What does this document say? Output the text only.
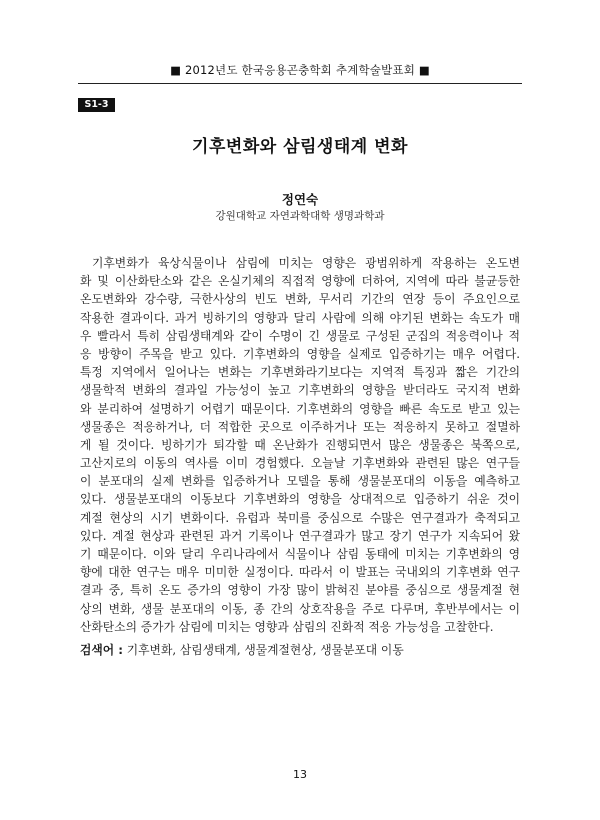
■ 2012년도 한국응용곤충학회 추계학술발표회 ■
S1-3
기후변화와 삼림생태계 변화
정연숙
강원대학교 자연과학대학 생명과학과
기후변화가 육상식물이나 삼림에 미치는 영향은 광범위하게 작용하는 온도변
화 및 이산화탄소와 같은 온실기체의 직접적 영향에 더하여, 지역에 따라 불균등한
온도변화와 강수량, 극한사상의 빈도 변화, 무서리 기간의 연장 등이 주요인으로
작용한 결과이다. 과거 빙하기의 영향과 달리 사람에 의해 야기된 변화는 속도가 매
우 빨라서 특히 삼림생태계와 같이 수명이 긴 생물로 구성된 군집의 적응력이나 적
응 방향이 주목을 받고 있다. 기후변화의 영향을 실제로 입증하기는 매우 어렵다.
특정 지역에서 일어나는 변화는 기후변화라기보다는 지역적 특징과 짧은 기간의
생물학적 변화의 결과일 가능성이 높고 기후변화의 영향을 받더라도 국지적 변화
와 분리하여 설명하기 어렵기 때문이다. 기후변화의 영향을 빠른 속도로 받고 있는
생물종은 적응하거나, 더 적합한 곳으로 이주하거나 또는 적응하지 못하고 절멸하
게 될 것이다. 빙하기가 퇴각할 때 온난화가 진행되면서 많은 생물종은 북쪽으로,
고산지로의 이동의 역사를 이미 경험했다. 오늘날 기후변화와 관련된 많은 연구들
이 분포대의 실제 변화를 입증하거나 모델을 통해 생물분포대의 이동을 예측하고
있다. 생물분포대의 이동보다 기후변화의 영향을 상대적으로 입증하기 쉬운 것이
계절 현상의 시기 변화이다. 유럽과 북미를 중심으로 수많은 연구결과가 축적되고
있다. 계절 현상과 관련된 과거 기록이나 연구결과가 많고 장기 연구가 지속되어 왔
기 때문이다. 이와 달리 우리나라에서 식물이나 삼림 동태에 미치는 기후변화의 영
향에 대한 연구는 매우 미미한 실정이다. 따라서 이 발표는 국내외의 기후변화 연구
결과 중, 특히 온도 증가의 영향이 가장 많이 밝혀진 분야를 중심으로 생물계절 현
상의 변화, 생물 분포대의 이동, 종 간의 상호작용을 주로 다루며, 후반부에서는 이
산화탄소의 증가가 삼림에 미치는 영향과 삼림의 진화적 적응 가능성을 고찰한다.
검색어 : 기후변화, 삼림생태계, 생물계절현상, 생물분포대 이동
13
